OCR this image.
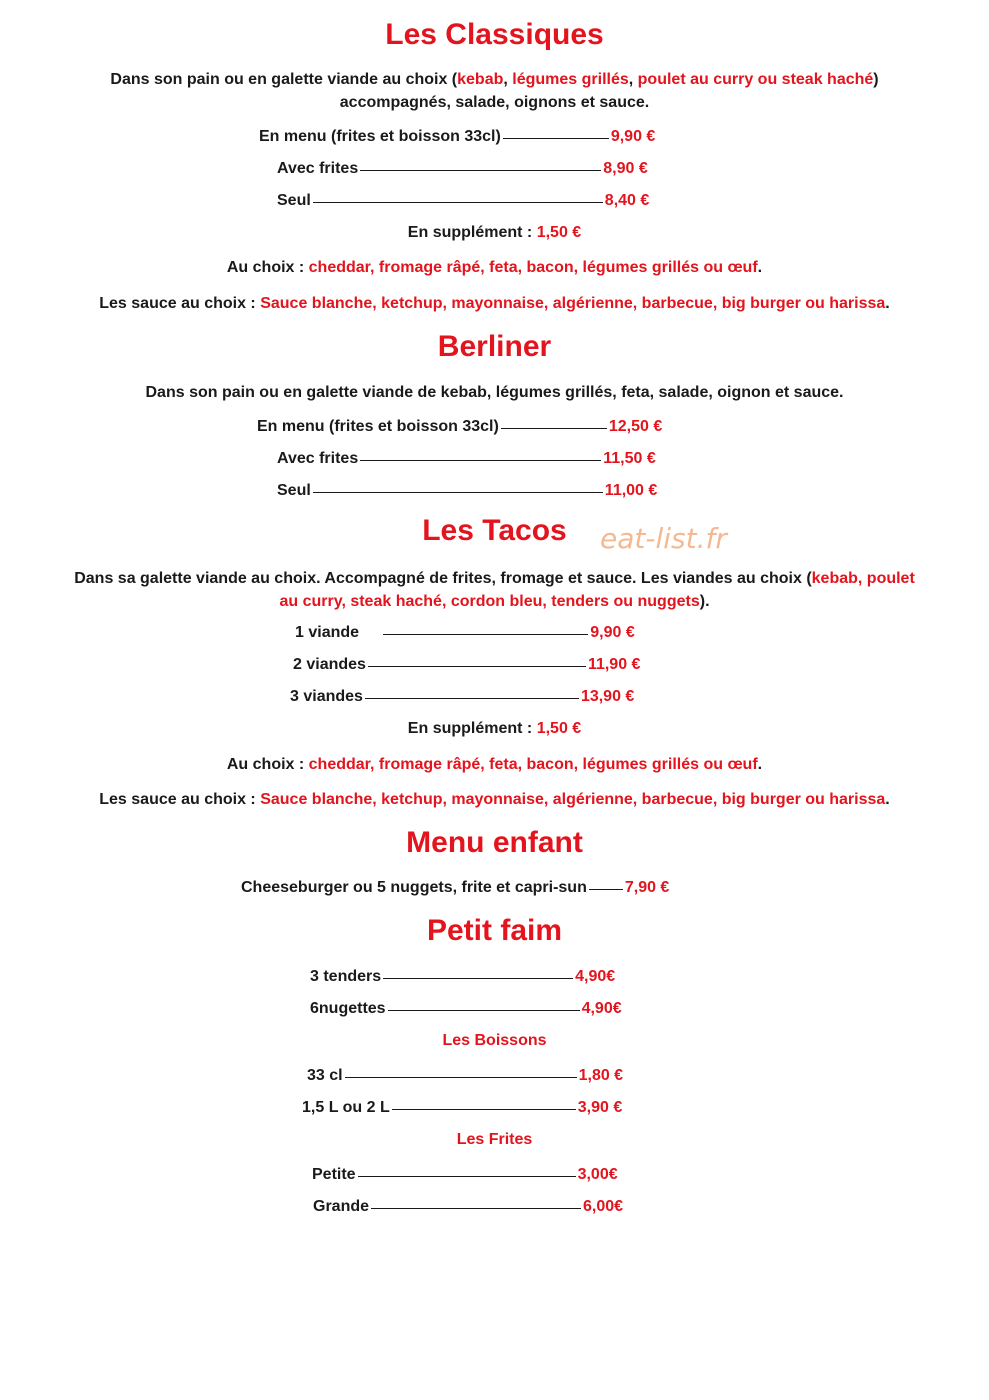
Les Classiques
Dans son pain ou en galette viande au choix (kebab, légumes grillés, poulet au curry ou steak haché)
accompagnés, salade, oignons et sauce.
En menu (frites et boisson 33cl)	9,90 €
Avec frites	8,90 €
Seul	8,40 €
En supplément : 1,50 €
Au choix : cheddar, fromage râpé, feta, bacon, légumes grillés ou œuf.
Les sauce au choix : Sauce blanche, ketchup, mayonnaise, algérienne, barbecue, big burger ou harissa.
Berliner
Dans son pain ou en galette viande de kebab, légumes grillés, feta, salade, oignon et sauce.
En menu (frites et boisson 33cl)	12,50 €
Avec frites	11,50 €
Seul	11,00 €
Les Tacos	eat-list.fr
Dans sa galette viande au choix. Accompagné de frites, fromage et sauce. Les viandes au choix (kebab, poulet
au curry, steak haché, cordon bleu, tenders ou nuggets).
1 viande	9,90 €
2 viandes	11,90 €
3 viandes	13,90 €
En supplément : 1,50 €
Au choix : cheddar, fromage râpé, feta, bacon, légumes grillés ou œuf.
Les sauce au choix : Sauce blanche, ketchup, mayonnaise, algérienne, barbecue, big burger ou harissa.
Menu enfant
Cheeseburger ou 5 nuggets, frite et capri-sun 7,90 €
Petit faim
3 tenders	4,90€
6nugettes	4,90€
Les Boissons
33 cl	1,80 €
1,5 L ou 2 L	3,90 €
Les Frites
Petite	3,00€
Grande	6,00€
